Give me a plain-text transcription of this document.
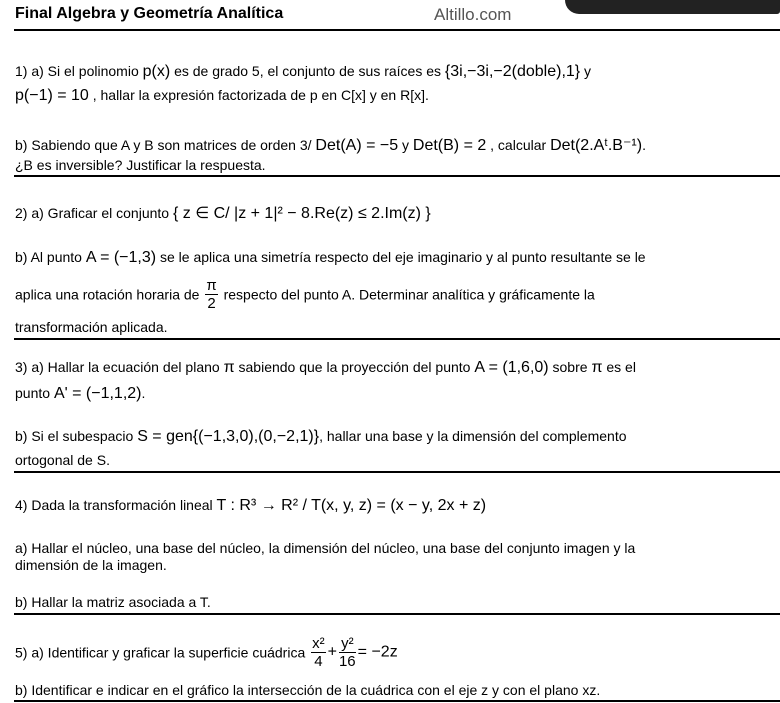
Final Algebra y Geometría Analítica	Altillo.com
1) a) Si el polinomio p(x) es de grado 5, el conjunto de sus raíces es {3i,−3i,−2(doble),1} y
p(−1) = 10 , hallar la expresión factorizada de p en C[x] y en R[x].
b) Sabiendo que A y B son matrices de orden 3/ Det(A) = −5 y Det(B) = 2 , calcular Det(2.Aᵗ.B⁻¹).
¿B es inversible? Justificar la respuesta.
2) a) Graficar el conjunto { z ∈ C/ |z + 1|² − 8.Re(z) ≤ 2.Im(z) }
b) Al punto A = (−1,3) se le aplica una simetría respecto del eje imaginario y al punto resultante se le
aplica una rotación horaria de $\frac{\pi}{2}$ respecto del punto A. Determinar analítica y gráficamente la
transformación aplicada.
3) a) Hallar la ecuación del plano π sabiendo que la proyección del punto A = (1,6,0) sobre π es el
punto A' = (−1,1,2).
b) Si el subespacio S = gen{(−1,3,0),(0,−2,1)}, hallar una base y la dimensión del complemento
ortogonal de S.
4) Dada la transformación lineal T : R³ → R² / T(x, y, z) = (x − y, 2x + z)
a) Hallar el núcleo, una base del núcleo, la dimensión del núcleo, una base del conjunto imagen y la
dimensión de la imagen.
b) Hallar la matriz asociada a T.
5) a) Identificar y graficar la superficie cuádrica $\frac{\text{x²}}{4} + \frac{\text{y²}}{16} = -2z$
b) Identificar e indicar en el gráfico la intersección de la cuádrica con el eje z y con el plano xz.
